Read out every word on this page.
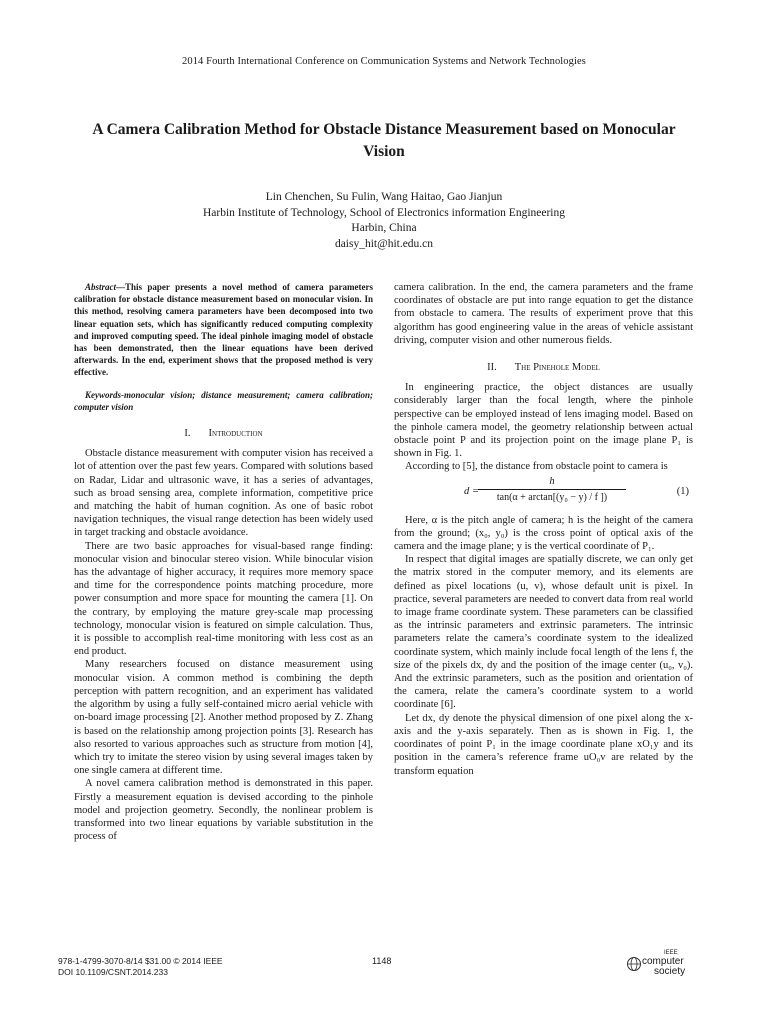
2014 Fourth International Conference on Communication Systems and Network Technologies
A Camera Calibration Method for Obstacle Distance Measurement based on Monocular Vision
Lin Chenchen, Su Fulin, Wang Haitao, Gao Jianjun
Harbin Institute of Technology, School of Electronics information Engineering
Harbin, China
daisy_hit@hit.edu.cn

Abstract—This paper presents a novel method of camera parameters calibration for obstacle distance measurement based on monocular vision. In this method, resolving camera parameters have been decomposed into two linear equation sets, which has significantly reduced computing complexity and improved computing speed. The ideal pinhole imaging model of obstacle has been demonstrated, then the linear equations have been derived afterwards. In the end, experiment shows that the proposed method is very effective.

Keywords-monocular vision; distance measurement; camera calibration; computer vision

I. Introduction

Obstacle distance measurement with computer vision has received a lot of attention over the past few years. Compared with solutions based on Radar, Lidar and ultrasonic wave, it has a series of advantages, such as broad sensing area, complete information, competitive price and matching the habit of human cognition. As one of basic robot navigation techniques, the visual range detection has been widely used in target tracking and obstacle avoidance.

There are two basic approaches for visual-based range finding: monocular vision and binocular stereo vision. While binocular vision has the advantage of higher accuracy, it requires more memory space and time for the correspondence points matching procedure, more power consumption and more space for mounting the camera [1]. On the contrary, by employing the mature grey-scale map processing technology, monocular vision is featured on simple calculation. Thus, it is possible to accomplish real-time monitoring with less cost as an end product.

Many researchers focused on distance measurement using monocular vision. A common method is combining the depth perception with pattern recognition, and an experiment has validated the algorithm by using a fully self-contained micro aerial vehicle with on-board image processing [2]. Another method proposed by Z. Zhang is based on the relationship among projection points [3]. Research has also resorted to various approaches such as structure from motion [4], which try to imitate the stereo vision by using several images taken by one single camera at different time.

A novel camera calibration method is demonstrated in this paper. Firstly a measurement equation is devised according to the pinhole model and projection geometry. Secondly, the nonlinear problem is transformed into two linear equations by variable substitution in the process of

camera calibration. In the end, the camera parameters and the frame coordinates of obstacle are put into range equation to get the distance from obstacle to camera. The results of experiment prove that this algorithm has good engineering value in the areas of vehicle assistant driving, computer vision and other numerous fields.

II. The Pinehole Model

In engineering practice, the object distances are usually considerably larger than the focal length, where the pinhole perspective can be employed instead of lens imaging model. Based on the pinhole camera model, the geometry relationship between actual obstacle point P and its projection point on the image plane P₁ is shown in Fig. 1.

According to [5], the distance from obstacle point to camera is

d =
h
tan(α + arctan[(y₀ − y) / f ])
(1)

Here, α is the pitch angle of camera; h is the height of the camera from the ground; (x₀, y₀) is the cross point of optical axis of the camera and the image plane; y is the vertical coordinate of P₁.

In respect that digital images are spatially discrete, we can only get the matrix stored in the computer memory, and its elements are defined as pixel locations (u, v), whose default unit is pixel. In practice, several parameters are needed to convert data from real world to image frame coordinate system. These parameters can be classified as the intrinsic parameters and extrinsic parameters. The intrinsic parameters relate the camera’s coordinate system to the idealized coordinate system, which mainly include focal length of the lens f, the size of the pixels dx, dy and the position of the image center (u₀, v₀). And the extrinsic parameters, such as the position and orientation of the camera, relate the camera’s coordinate system to a world coordinate [6].

Let dx, dy denote the physical dimension of one pixel along the x-axis and the y-axis separately. Then as is shown in Fig. 1, the coordinates of point P₁ in the image coordinate plane xO₁y and its position in the camera’s reference frame uO₀v are related by the transform equation

978-1-4799-3070-8/14 $31.00 © 2014 IEEE
DOI 10.1109/CSNT.2014.233
1148
IEEE
computer
society
